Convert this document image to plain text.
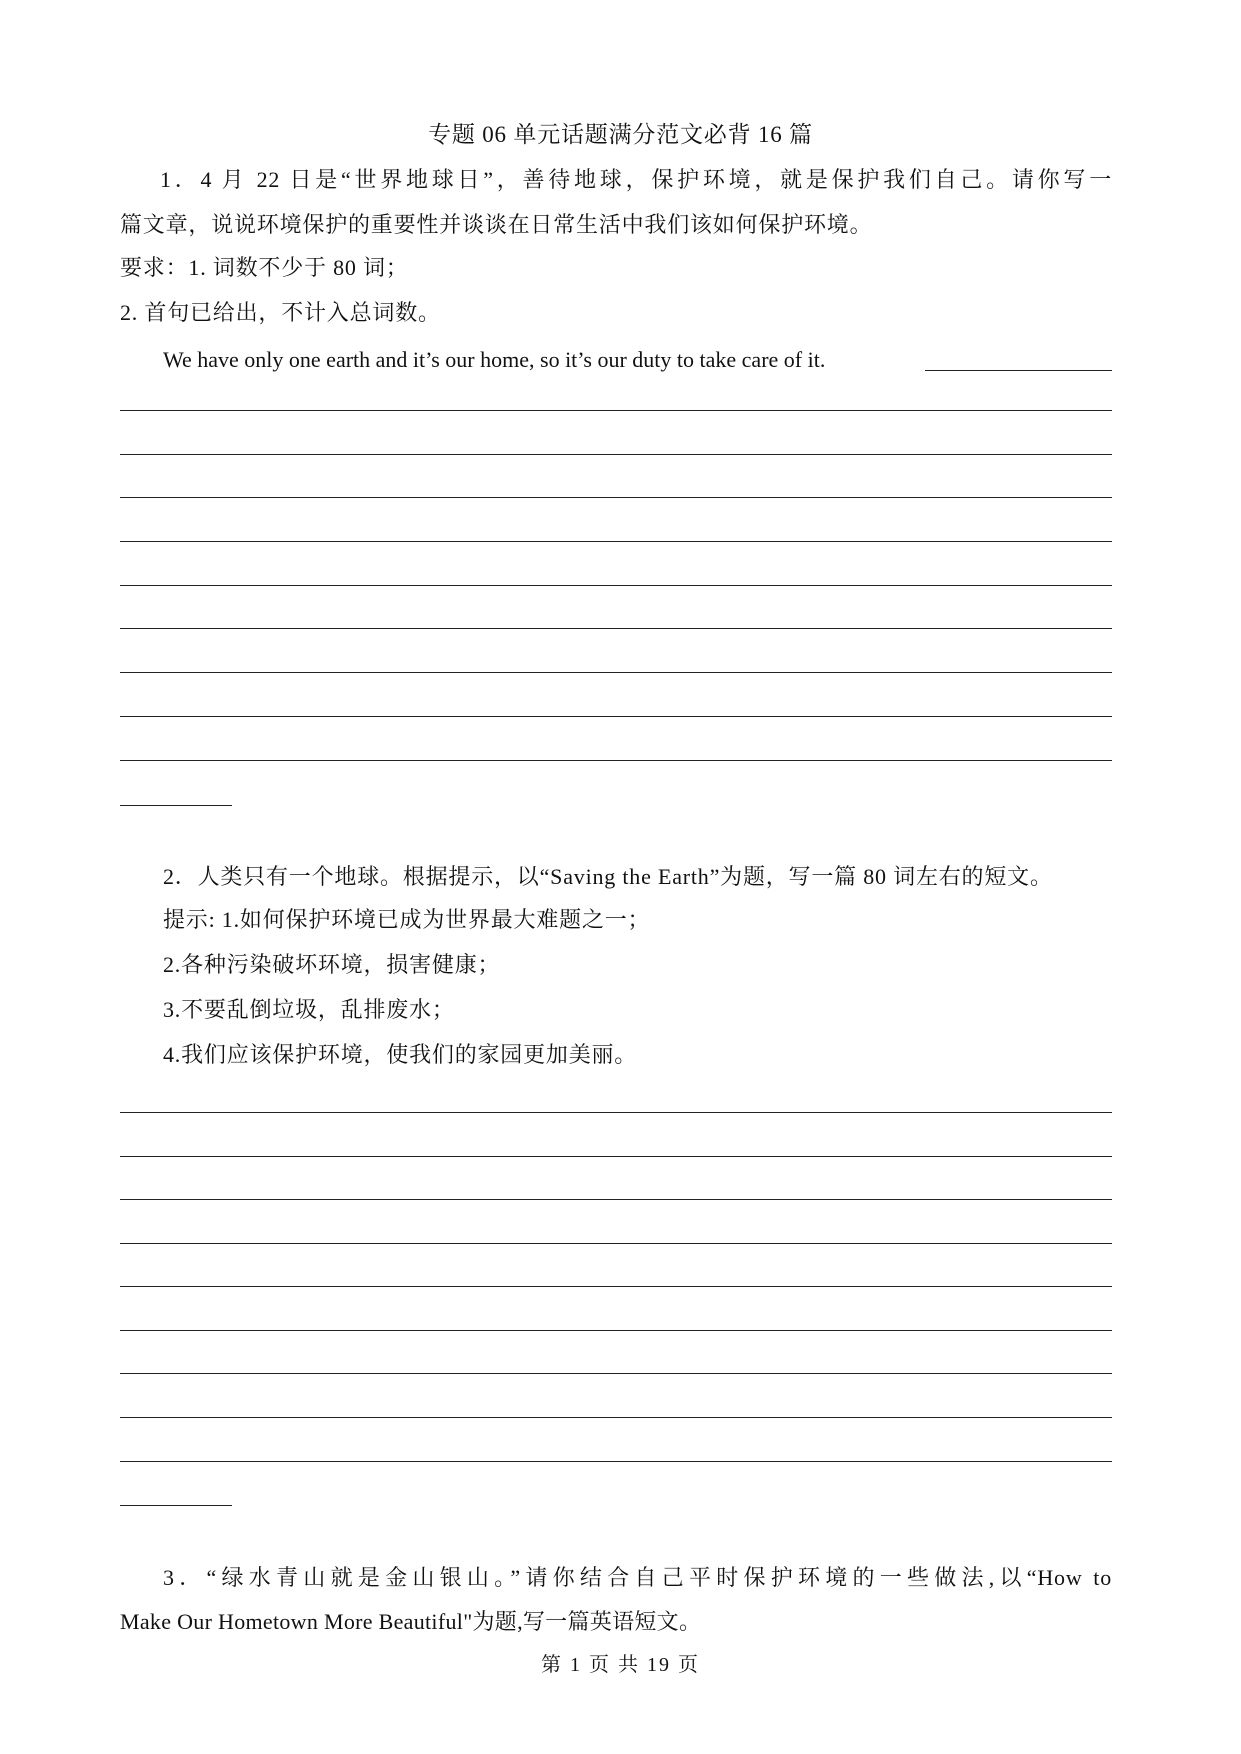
专题 06 单元话题满分范文必背 16 篇
1．4 月 22 日是“世界地球日”，善待地球，保护环境，就是保护我们自己。请你写一
篇文章，说说环境保护的重要性并谈谈在日常生活中我们该如何保护环境。
要求：1. 词数不少于 80 词；
2. 首句已给出，不计入总词数。
We have only one earth and it’s our home, so it’s our duty to take care of it.
2．人类只有一个地球。根据提示，以“Saving the Earth”为题，写一篇 80 词左右的短文。
提示: 1.如何保护环境已成为世界最大难题之一；
2.各种污染破坏环境，损害健康；
3.不要乱倒垃圾，乱排废水；
4.我们应该保护环境，使我们的家园更加美丽。
3．“绿水青山就是金山银山。”请你结合自己平时保护环境的一些做法,以“How to
Make Our Hometown More Beautiful"为题,写一篇英语短文。
第 1 页 共 19 页
